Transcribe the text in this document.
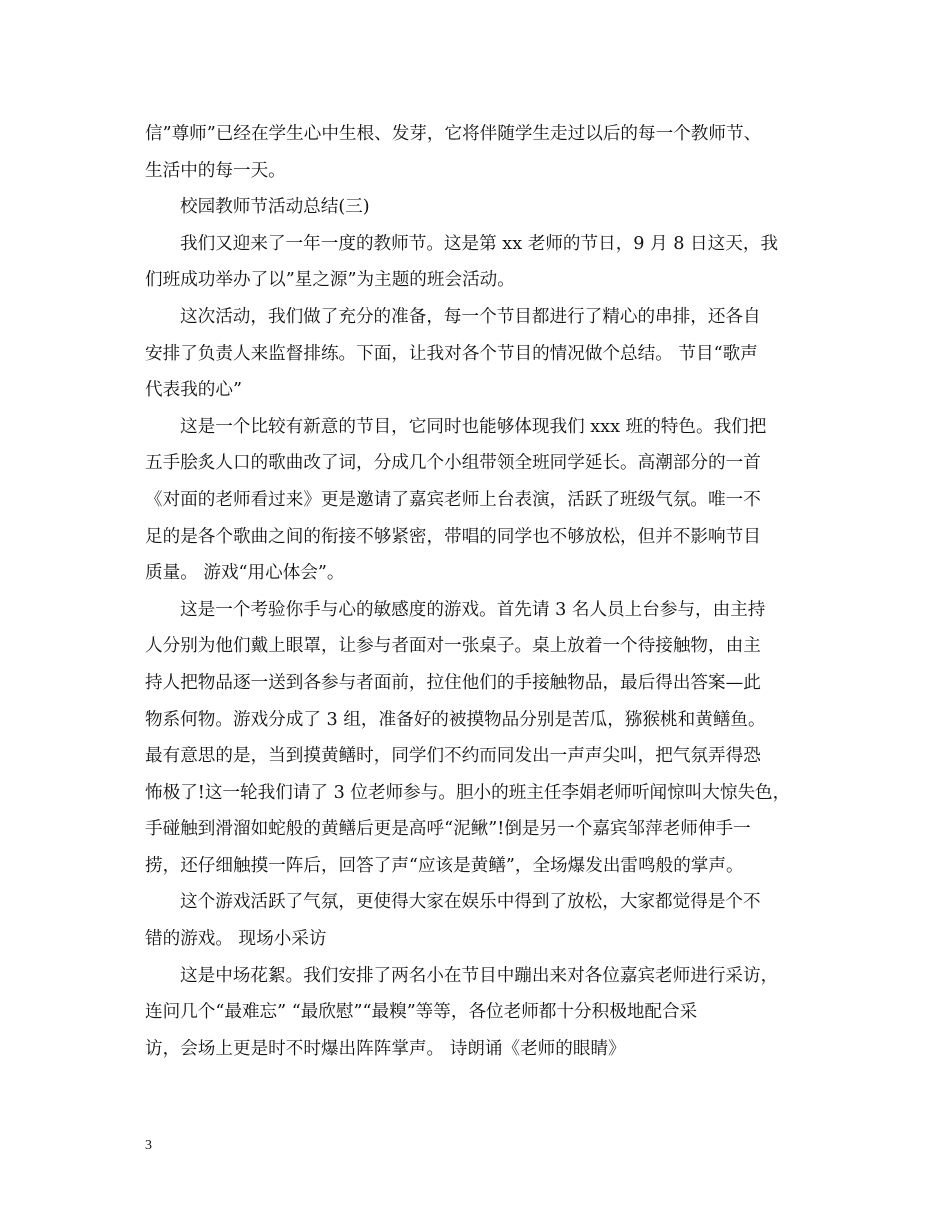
信”尊师”已经在学生心中生根、发芽，它将伴随学生走过以后的每一个教师节、
生活中的每一天。
校园教师节活动总结(三)
我们又迎来了一年一度的教师节。这是第 xx 老师的节日，9 月 8 日这天，我
们班成功举办了以”星之源”为主题的班会活动。
这次活动，我们做了充分的准备，每一个节目都进行了精心的串排，还各自
安排了负责人来监督排练。下面，让我对各个节目的情况做个总结。 节目“歌声
代表我的心”
这是一个比较有新意的节目，它同时也能够体现我们 xxx 班的特色。我们把
五手脍炙人口的歌曲改了词，分成几个小组带领全班同学延长。高潮部分的一首
《对面的老师看过来》更是邀请了嘉宾老师上台表演，活跃了班级气氛。唯一不
足的是各个歌曲之间的衔接不够紧密，带唱的同学也不够放松，但并不影响节目
质量。 游戏“用心体会”。
这是一个考验你手与心的敏感度的游戏。首先请 3 名人员上台参与，由主持
人分别为他们戴上眼罩，让参与者面对一张桌子。桌上放着一个待接触物，由主
持人把物品逐一送到各参与者面前，拉住他们的手接触物品，最后得出答案—此
物系何物。游戏分成了 3 组，准备好的被摸物品分别是苦瓜，猕猴桃和黄鳝鱼。
最有意思的是，当到摸黄鳝时，同学们不约而同发出一声声尖叫，把气氛弄得恐
怖极了!这一轮我们请了 3 位老师参与。胆小的班主任李娟老师听闻惊叫大惊失色，
手碰触到滑溜如蛇般的黄鳝后更是高呼“泥鳅”!倒是另一个嘉宾邹萍老师伸手一
捞，还仔细触摸一阵后，回答了声“应该是黄鳝”，全场爆发出雷鸣般的掌声。
这个游戏活跃了气氛，更使得大家在娱乐中得到了放松，大家都觉得是个不
错的游戏。 现场小采访
这是中场花絮。我们安排了两名小在节目中蹦出来对各位嘉宾老师进行采访，
连问几个“最难忘” “最欣慰”“最糗”等等，各位老师都十分积极地配合采
访，会场上更是时不时爆出阵阵掌声。 诗朗诵《老师的眼睛》
3
